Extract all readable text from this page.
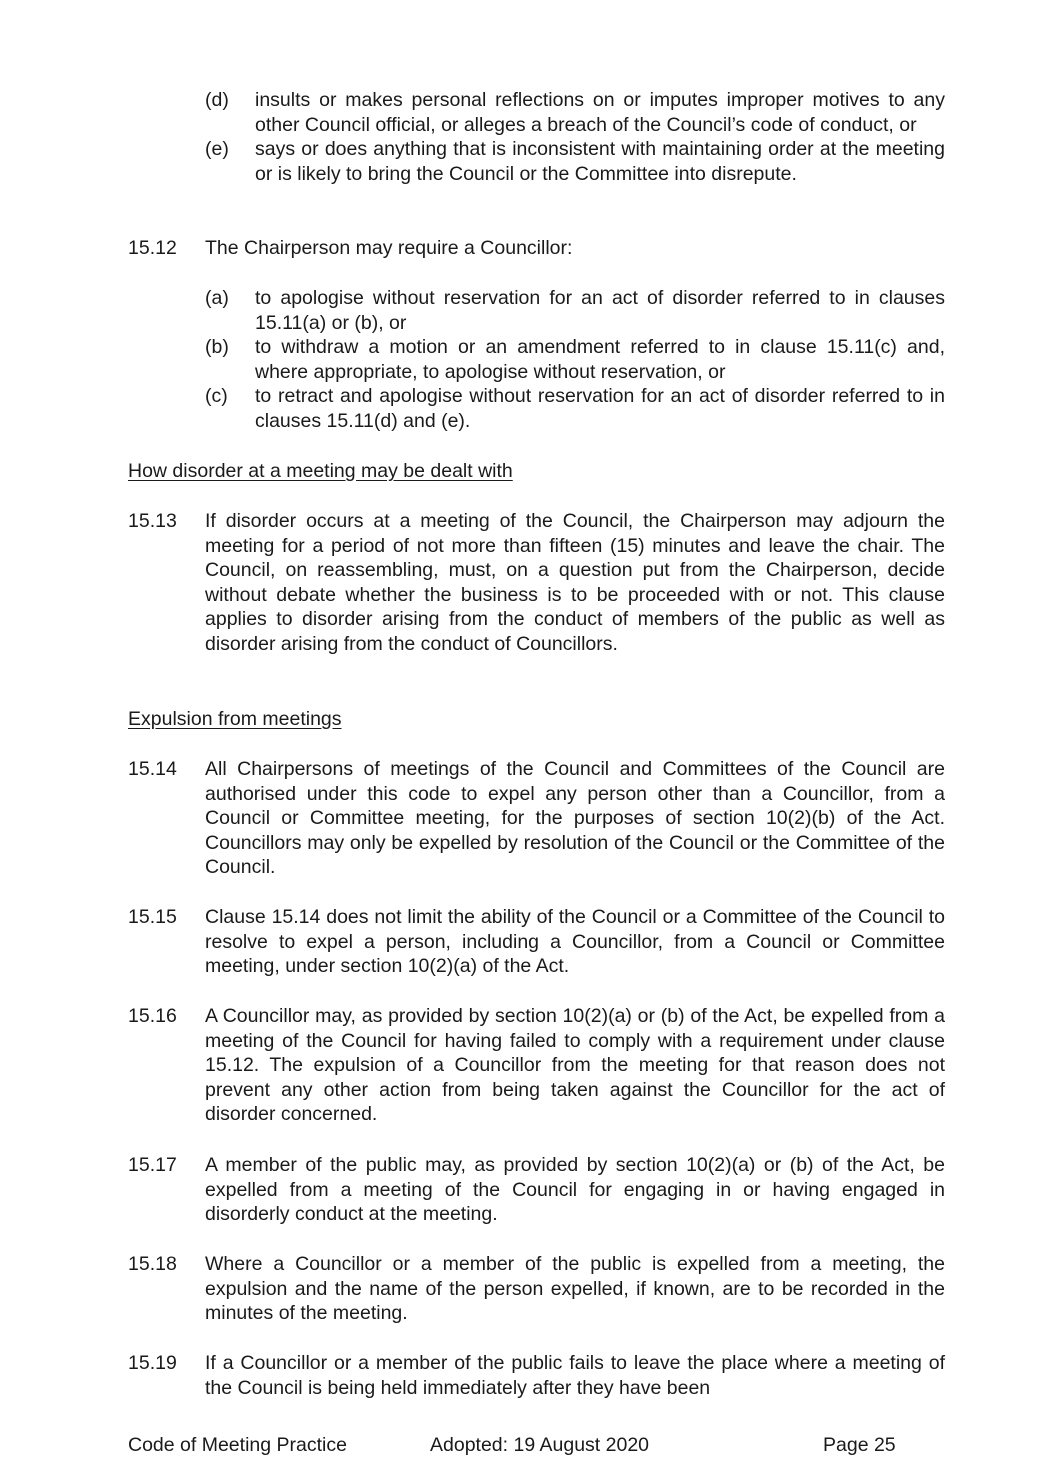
(d)	insults or makes personal reflections on or imputes improper motives to any other Council official, or alleges a breach of the Council’s code of conduct, or
(e)	says or does anything that is inconsistent with maintaining order at the meeting or is likely to bring the Council or the Committee into disrepute.
15.12	The Chairperson may require a Councillor:
(a)	to apologise without reservation for an act of disorder referred to in clauses 15.11(a) or (b), or
(b)	to withdraw a motion or an amendment referred to in clause 15.11(c) and, where appropriate, to apologise without reservation, or
(c)	to retract and apologise without reservation for an act of disorder referred to in clauses 15.11(d) and (e).
How disorder at a meeting may be dealt with
15.13	If disorder occurs at a meeting of the Council, the Chairperson may adjourn the meeting for a period of not more than fifteen (15) minutes and leave the chair. The Council, on reassembling, must, on a question put from the Chairperson, decide without debate whether the business is to be proceeded with or not. This clause applies to disorder arising from the conduct of members of the public as well as disorder arising from the conduct of Councillors.
Expulsion from meetings
15.14	All Chairpersons of meetings of the Council and Committees of the Council are authorised under this code to expel any person other than a Councillor, from a Council or Committee meeting, for the purposes of section 10(2)(b) of the Act. Councillors may only be expelled by resolution of the Council or the Committee of the Council.
15.15	Clause 15.14 does not limit the ability of the Council or a Committee of the Council to resolve to expel a person, including a Councillor, from a Council or Committee meeting, under section 10(2)(a) of the Act.
15.16	A Councillor may, as provided by section 10(2)(a) or (b) of the Act, be expelled from a meeting of the Council for having failed to comply with a requirement under clause 15.12. The expulsion of a Councillor from the meeting for that reason does not prevent any other action from being taken against the Councillor for the act of disorder concerned.
15.17	A member of the public may, as provided by section 10(2)(a) or (b) of the Act, be expelled from a meeting of the Council for engaging in or having engaged in disorderly conduct at the meeting.
15.18	Where a Councillor or a member of the public is expelled from a meeting, the expulsion and the name of the person expelled, if known, are to be recorded in the minutes of the meeting.
15.19	If a Councillor or a member of the public fails to leave the place where a meeting of the Council is being held immediately after they have been
Code of Meeting Practice	Adopted: 19 August 2020	Page 25
